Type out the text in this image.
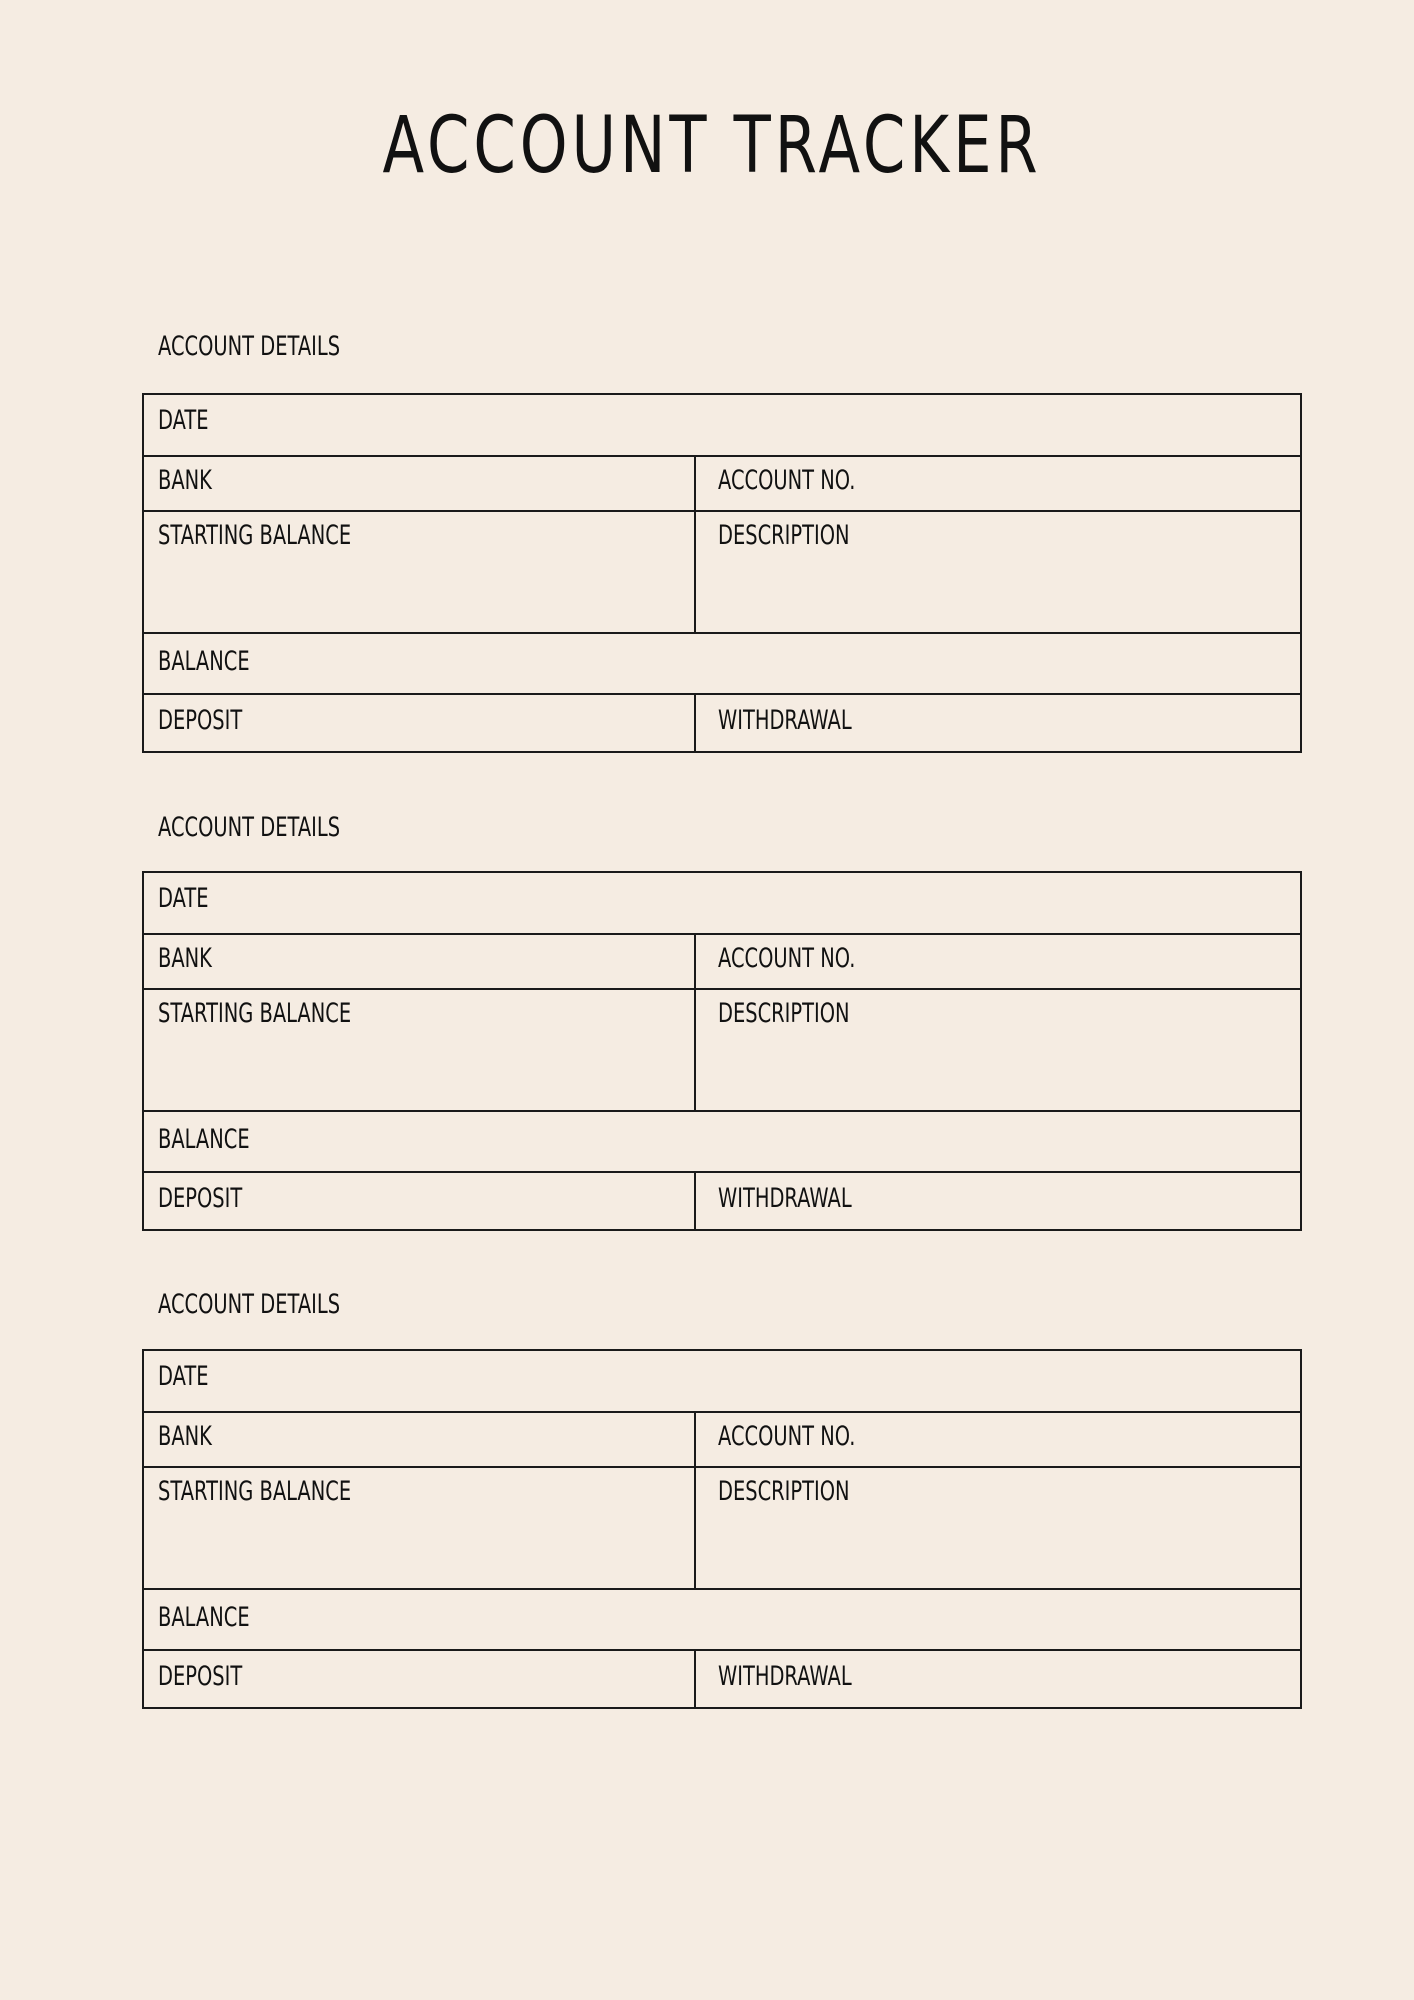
ACCOUNT TRACKER
ACCOUNT DETAILS
DATE
BANK	ACCOUNT NO.
STARTING BALANCE	DESCRIPTION
BALANCE
DEPOSIT	WITHDRAWAL
ACCOUNT DETAILS
DATE
BANK	ACCOUNT NO.
STARTING BALANCE	DESCRIPTION
BALANCE
DEPOSIT	WITHDRAWAL
ACCOUNT DETAILS
DATE
BANK	ACCOUNT NO.
STARTING BALANCE	DESCRIPTION
BALANCE
DEPOSIT	WITHDRAWAL
